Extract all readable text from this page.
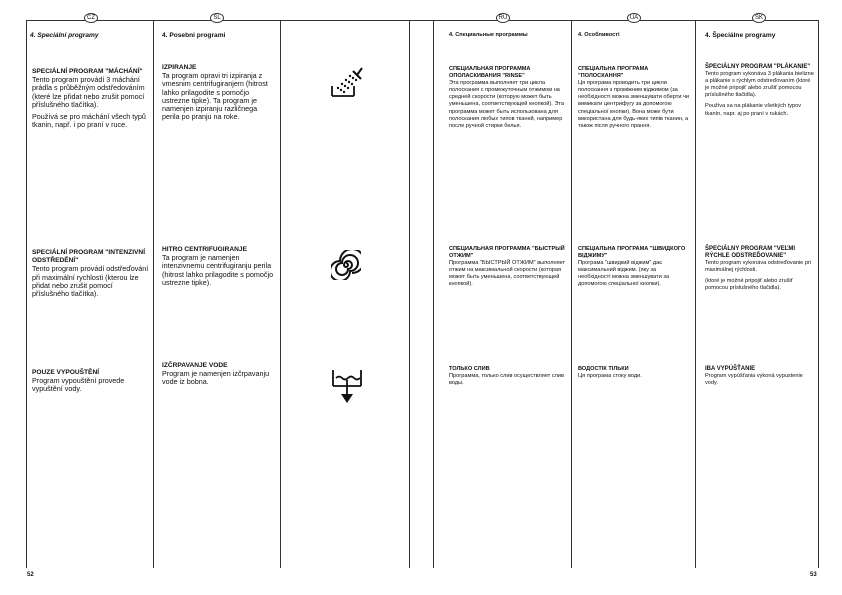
CZ	SL	RU	UA	SK
4. Speciální programy
SPECIÁLNÍ PROGRAM "MÁCHÁNÍ"

Tento program provádí 3 máchání prádla s průběžným odstředováním (které lze přidat nebo zrušit pomocí příslušného tlačítka).

Používá se pro máchání všech typů tkanin, např. i po praní v ruce.

SPECIÁLNÍ PROGRAM "INTENZIVNÍ ODSTŘEDĚNÍ"

Tento program provádí odstřeďování při maximální rychlosti (kterou lze přidat nebo zrušit pomocí příslušného tlačítka).

POUZE VYPOUŠTĚNÍ

Program vypouštění provede vypuštění vody.

4. Posebni programi
IZPIRANJE

Ta program opravi tri izpiranja z vmesnim centrifugiranjem (hitrost lahko prilagodite s pomočjo ustrezne tipke). Ta program je namenjen izpiranju različnega perila po pranju na roke.

HITRO CENTRIFUGIRANJE

Ta program je namenjen intenzivnemu centrifugiranju perila (hitrost lahko prilagodite s pomočjo ustrezne tipke).

IZČRPAVANJE VODE

Program je namenjen izčrpavanju vode iz bobna.

4. Специальные программы
СПЕЦИАЛЬНАЯ ПРОГРАММА ОПОЛАСКИВАНИЯ "RINSE"

Эта программа выполняет три цикла полоскания с промежуточным отжимом на средней скорости (которую может быть уменьшена, соответствующей кнопкой). Эта программа может быть использована для полоскания любых типов тканей, например после ручной стирки белья.

СПЕЦИАЛЬНАЯ ПРОГРАММА "БЫСТРЫЙ ОТЖИМ"

Программа "БЫСТРЫЙ ОТЖИМ" выполняет отжим на максимальной скорости (которая может быть уменьшена, соответствующей кнопкой).

ТОЛЬКО СЛИВ

Программа, только слив осуществляет слив воды.

4. Особливості
СПЕЦІАЛЬНА ПРОГРАМА "ПОЛОСКАННЯ"

Ця програма проводить три цикли полоскання з проміжним віджимом (за необхідності можна зменшувати оберти чи вимикати центрифугу за допомогою спеціальної кнопки). Вона може бути використана для будь-яких типів тканин, а також після ручного прання.

СПЕЦІАЛЬНА ПРОГРАМА "ШВИДКОГО ВІДЖИМУ"

Програма "швидкий віджим" дає максимальний віджим. (яку за необхідності можна зменшувати за допомогою спеціальної кнопки).

ВОДОСТІК ТІЛЬКИ

Ця програма стоку води.

4. Špeciálne programy
ŠPECIÁLNY PROGRAM "PLÁKANIE"

Tento program vykonáva 3 plákania bielizne a plákanie s rýchlym odstreďovaním (ktoré je možné pripojiť alebo zrušiť pomocou príslušného tlačidla).

Používa sa na plákanie všetkých typov tkanín, napr. aj po praní v rukách.

ŠPECIÁLNY PROGRAM "VEĽMI RÝCHLE ODSTREĎOVANIE"

Tento program vykonáva odstreďovanie pri maximálnej rýchlosti.

(ktoré je možné pripojiť alebo zrušiť pomocou príslušného tlačidla).

IBA VYPÚŠŤANIE

Program vypúšťania vykoná vypustenie vody.

52	53
